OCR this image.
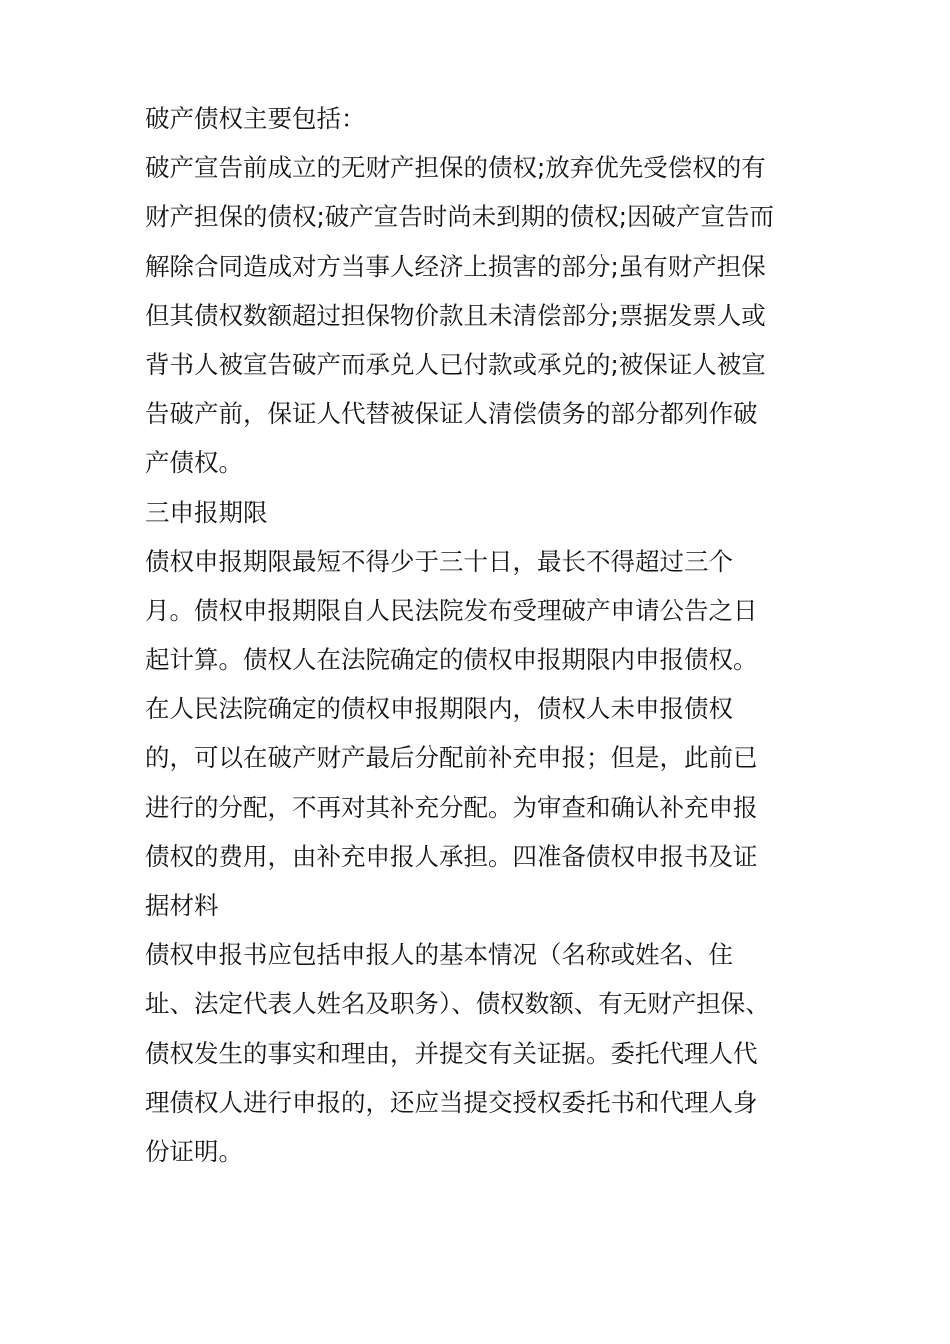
破产债权主要包括：
破产宣告前成立的无财产担保的债权;放弃优先受偿权的有
财产担保的债权;破产宣告时尚未到期的债权;因破产宣告而
解除合同造成对方当事人经济上损害的部分;虽有财产担保
但其债权数额超过担保物价款且未清偿部分;票据发票人或
背书人被宣告破产而承兑人已付款或承兑的;被保证人被宣
告破产前，保证人代替被保证人清偿债务的部分都列作破
产债权。
三申报期限
债权申报期限最短不得少于三十日，最长不得超过三个
月。债权申报期限自人民法院发布受理破产申请公告之日
起计算。债权人在法院确定的债权申报期限内申报债权。
在人民法院确定的债权申报期限内，债权人未申报债权
的，可以在破产财产最后分配前补充申报；但是，此前已
进行的分配，不再对其补充分配。为审查和确认补充申报
债权的费用，由补充申报人承担。四准备债权申报书及证
据材料
债权申报书应包括申报人的基本情况（名称或姓名、住
址、法定代表人姓名及职务）、债权数额、有无财产担保、
债权发生的事实和理由，并提交有关证据。委托代理人代
理债权人进行申报的，还应当提交授权委托书和代理人身
份证明。
